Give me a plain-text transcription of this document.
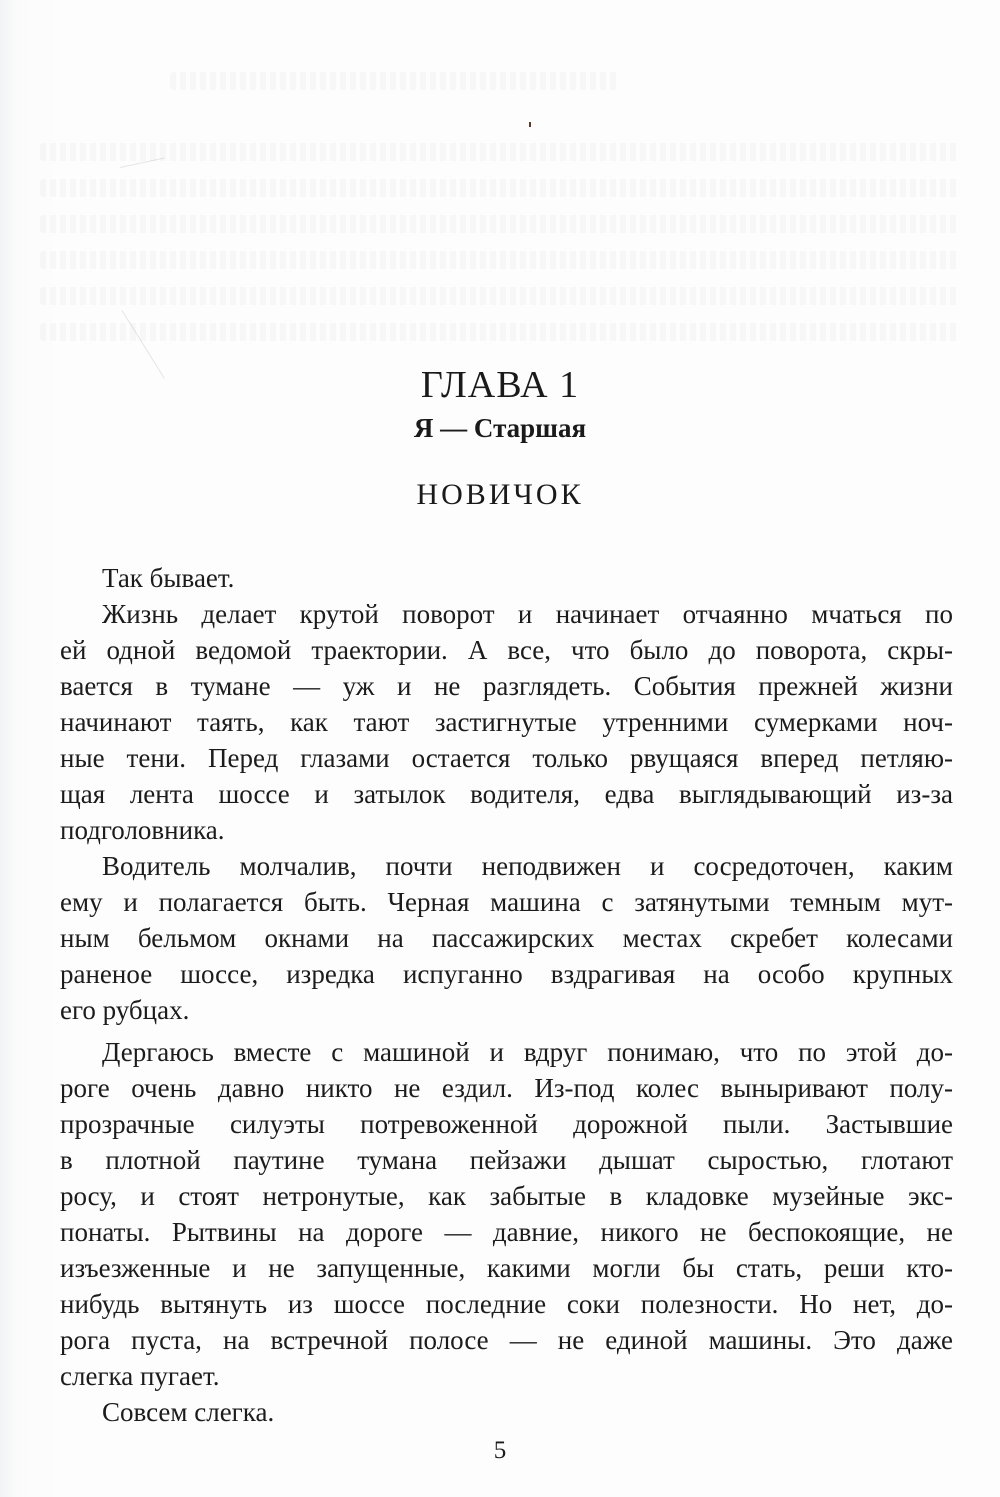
ГЛАВА 1
Я — Старшая
НОВИЧОК
Так бывает.
Жизнь делает крутой поворот и начинает отчаянно мчаться по
ей одной ведомой траектории. А все, что было до поворота, скры-
вается в тумане — уж и не разглядеть. События прежней жизни
начинают таять, как тают застигнутые утренними сумерками ноч-
ные тени. Перед глазами остается только рвущаяся вперед петляю-
щая лента шоссе и затылок водителя, едва выглядывающий из-за
подголовника.
Водитель молчалив, почти неподвижен и сосредоточен, каким
ему и полагается быть. Черная машина с затянутыми темным мут-
ным бельмом окнами на пассажирских местах скребет колесами
раненое шоссе, изредка испуганно вздрагивая на особо крупных
его рубцах.
Дергаюсь вместе с машиной и вдруг понимаю, что по этой до-
роге очень давно никто не ездил. Из-под колес выныривают полу-
прозрачные силуэты потревоженной дорожной пыли. Застывшие
в плотной паутине тумана пейзажи дышат сыростью, глотают
росу, и стоят нетронутые, как забытые в кладовке музейные экс-
понаты. Рытвины на дороге — давние, никого не беспокоящие, не
изъезженные и не запущенные, какими могли бы стать, реши кто-
нибудь вытянуть из шоссе последние соки полезности. Но нет, до-
рога пуста, на встречной полосе — не единой машины. Это даже
слегка пугает.
Совсем слегка.
5
